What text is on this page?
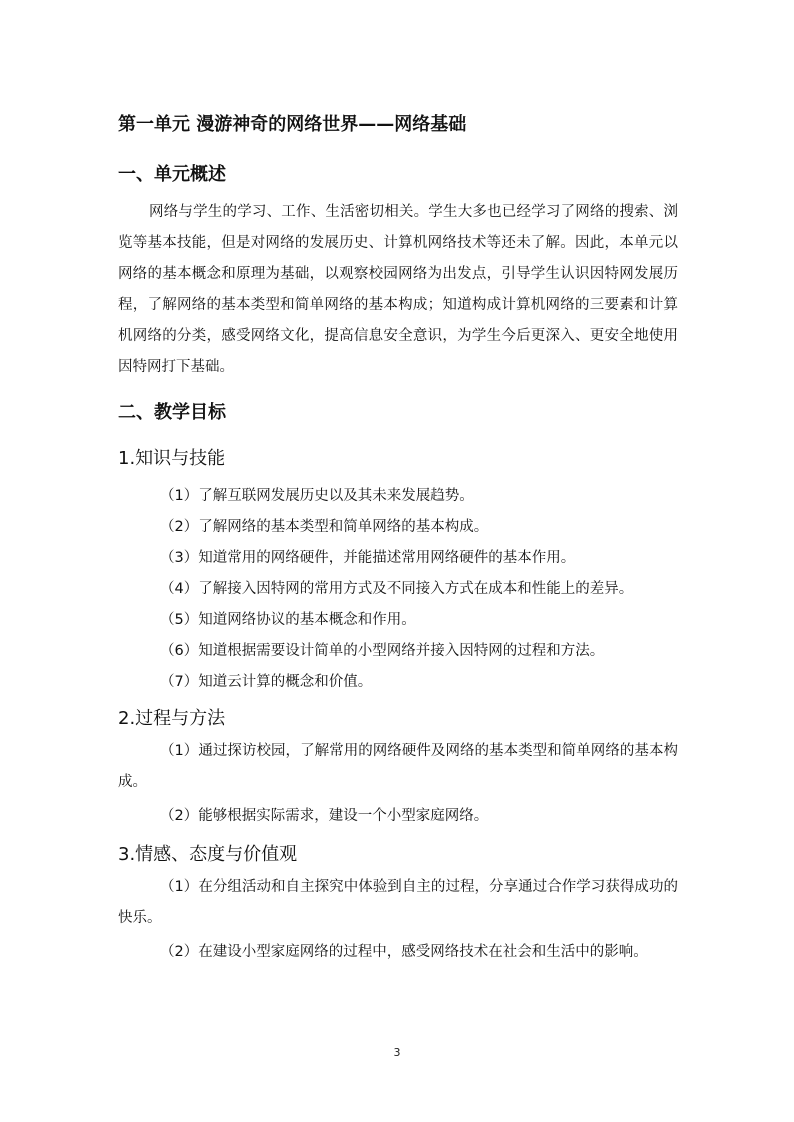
第一单元 漫游神奇的网络世界——网络基础
一、单元概述
网络与学生的学习、工作、生活密切相关。学生大多也已经学习了网络的搜索、浏览等基本技能，但是对网络的发展历史、计算机网络技术等还未了解。因此，本单元以网络的基本概念和原理为基础，以观察校园网络为出发点，引导学生认识因特网发展历程，了解网络的基本类型和简单网络的基本构成；知道构成计算机网络的三要素和计算机网络的分类，感受网络文化，提高信息安全意识，为学生今后更深入、更安全地使用因特网打下基础。
二、教学目标
1.知识与技能
（1）了解互联网发展历史以及其未来发展趋势。
（2）了解网络的基本类型和简单网络的基本构成。
（3）知道常用的网络硬件，并能描述常用网络硬件的基本作用。
（4）了解接入因特网的常用方式及不同接入方式在成本和性能上的差异。
（5）知道网络协议的基本概念和作用。
（6）知道根据需要设计简单的小型网络并接入因特网的过程和方法。
（7）知道云计算的概念和价值。
2.过程与方法
（1）通过探访校园，了解常用的网络硬件及网络的基本类型和简单网络的基本构成。
（2）能够根据实际需求，建设一个小型家庭网络。
3.情感、态度与价值观
（1）在分组活动和自主探究中体验到自主的过程，分享通过合作学习获得成功的快乐。
（2）在建设小型家庭网络的过程中，感受网络技术在社会和生活中的影响。
3
